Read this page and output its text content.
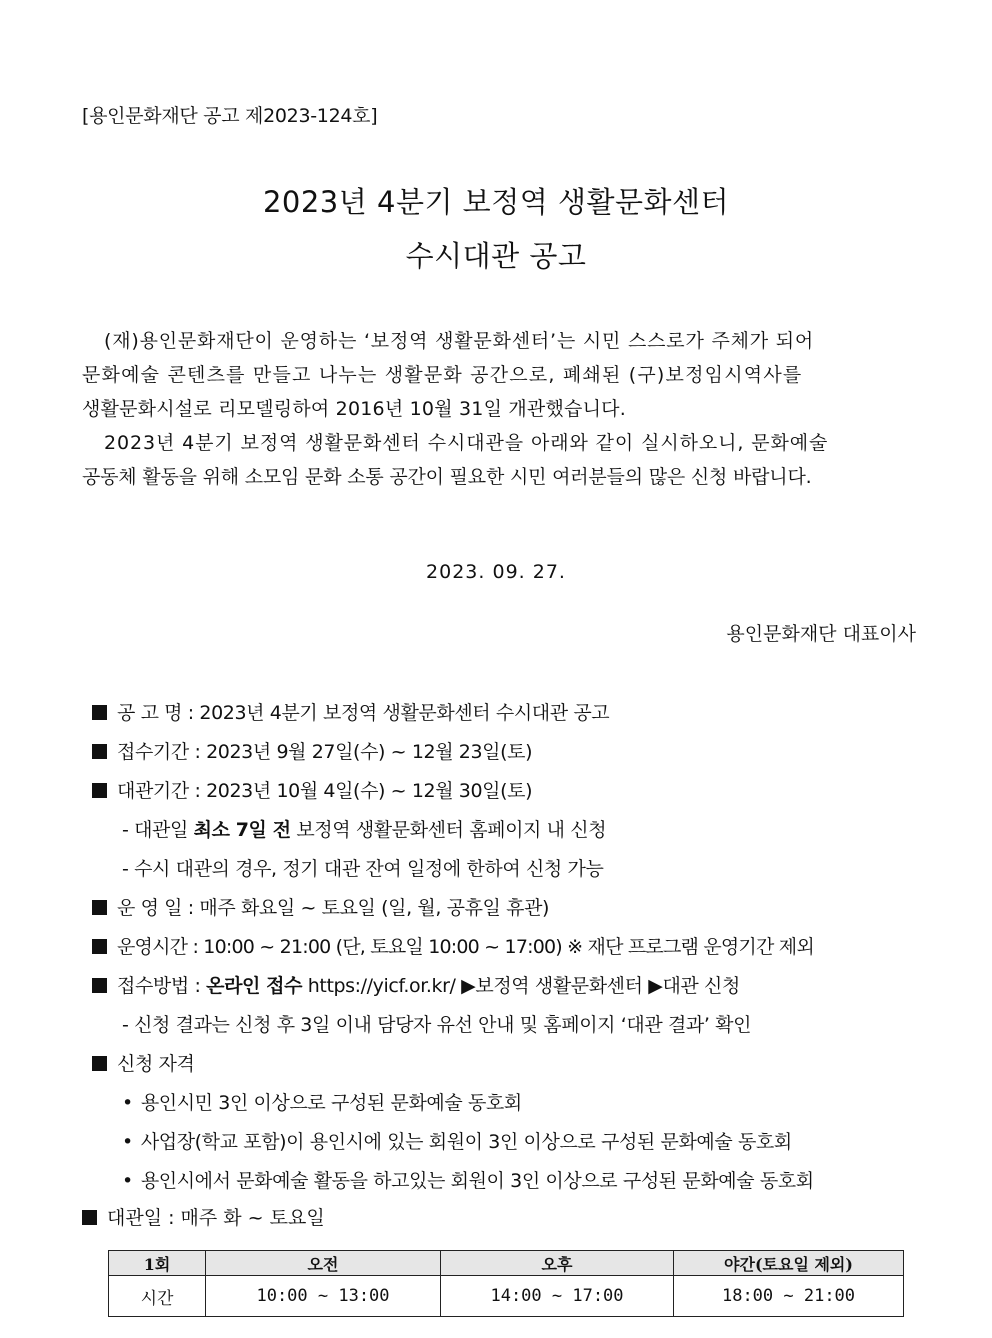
[용인문화재단 공고 제2023-124호]
2023년 4분기 보정역 생활문화센터
수시대관 공고
(재)용인문화재단이 운영하는 ‘보정역 생활문화센터’는 시민 스스로가 주체가 되어
문화예술 콘텐츠를 만들고 나누는 생활문화 공간으로, 폐쇄된 (구)보정임시역사를
생활문화시설로 리모델링하여 2016년 10월 31일 개관했습니다.
2023년 4분기 보정역 생활문화센터 수시대관을 아래와 같이 실시하오니, 문화예술
공동체 활동을 위해 소모임 문화 소통 공간이 필요한 시민 여러분들의 많은 신청 바랍니다.
2023. 09. 27.
용인문화재단 대표이사
공 고 명 : 2023년 4분기 보정역 생활문화센터 수시대관 공고
접수기간 : 2023년 9월 27일(수) ~ 12월 23일(토)
대관기간 : 2023년 10월 4일(수) ~ 12월 30일(토)
- 대관일 최소 7일 전 보정역 생활문화센터 홈페이지 내 신청
- 수시 대관의 경우, 정기 대관 잔여 일정에 한하여 신청 가능
운 영 일 : 매주 화요일 ~ 토요일 (일, 월, 공휴일 휴관)
운영시간 : 10:00 ~ 21:00 (단, 토요일 10:00 ~ 17:00) ※ 재단 프로그램 운영기간 제외
접수방법 : 온라인 접수 https://yicf.or.kr/ ▶보정역 생활문화센터 ▶대관 신청
- 신청 결과는 신청 후 3일 이내 담당자 유선 안내 및 홈페이지 ‘대관 결과’ 확인
신청 자격
• 용인시민 3인 이상으로 구성된 문화예술 동호회
• 사업장(학교 포함)이 용인시에 있는 회원이 3인 이상으로 구성된 문화예술 동호회
• 용인시에서 문화예술 활동을 하고있는 회원이 3인 이상으로 구성된 문화예술 동호회
대관일 : 매주 화 ~ 토요일
1회	오전	오후	야간(토요일 제외)
시간	10:00 ~ 13:00	14:00 ~ 17:00	18:00 ~ 21:00
